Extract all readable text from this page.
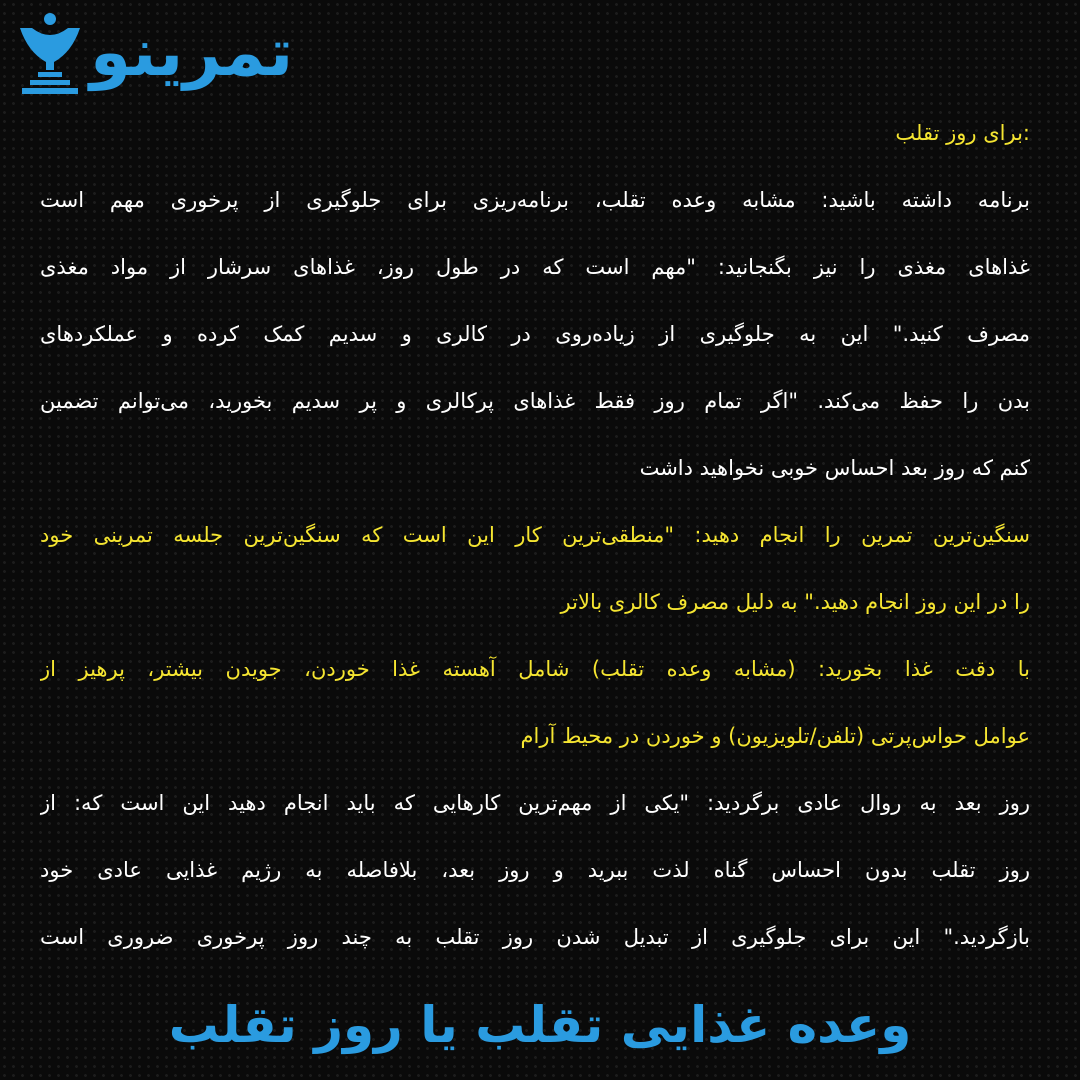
تمرینو
:برای روز تقلب
برنامه داشته باشید: مشابه وعده تقلب، برنامه‌ریزی برای جلوگیری از پرخوری مهم است
غذاهای مغذی را نیز بگنجانید: "مهم است که در طول روز، غذاهای سرشار از مواد مغذی
مصرف کنید." این به جلوگیری از زیاده‌روی در کالری و سدیم کمک کرده و عملکردهای
بدن را حفظ می‌کند. "اگر تمام روز فقط غذاهای پرکالری و پر سدیم بخورید، می‌توانم تضمین
کنم که روز بعد احساس خوبی نخواهید داشت
سنگین‌ترین تمرین را انجام دهید: "منطقی‌ترین کار این است که سنگین‌ترین جلسه تمرینی خود
را در این روز انجام دهید." به دلیل مصرف کالری بالاتر
با دقت غذا بخورید: (مشابه وعده تقلب) شامل آهسته غذا خوردن، جویدن بیشتر، پرهیز از
عوامل حواس‌پرتی (تلفن/تلویزیون) و خوردن در محیط آرام
روز بعد به روال عادی برگردید: "یکی از مهم‌ترین کارهایی که باید انجام دهید این است که: از
روز تقلب بدون احساس گناه لذت ببرید و روز بعد، بلافاصله به رژیم غذایی عادی خود
بازگردید." این برای جلوگیری از تبدیل شدن روز تقلب به چند روز پرخوری ضروری است
وعده غذایی تقلب یا روز تقلب
